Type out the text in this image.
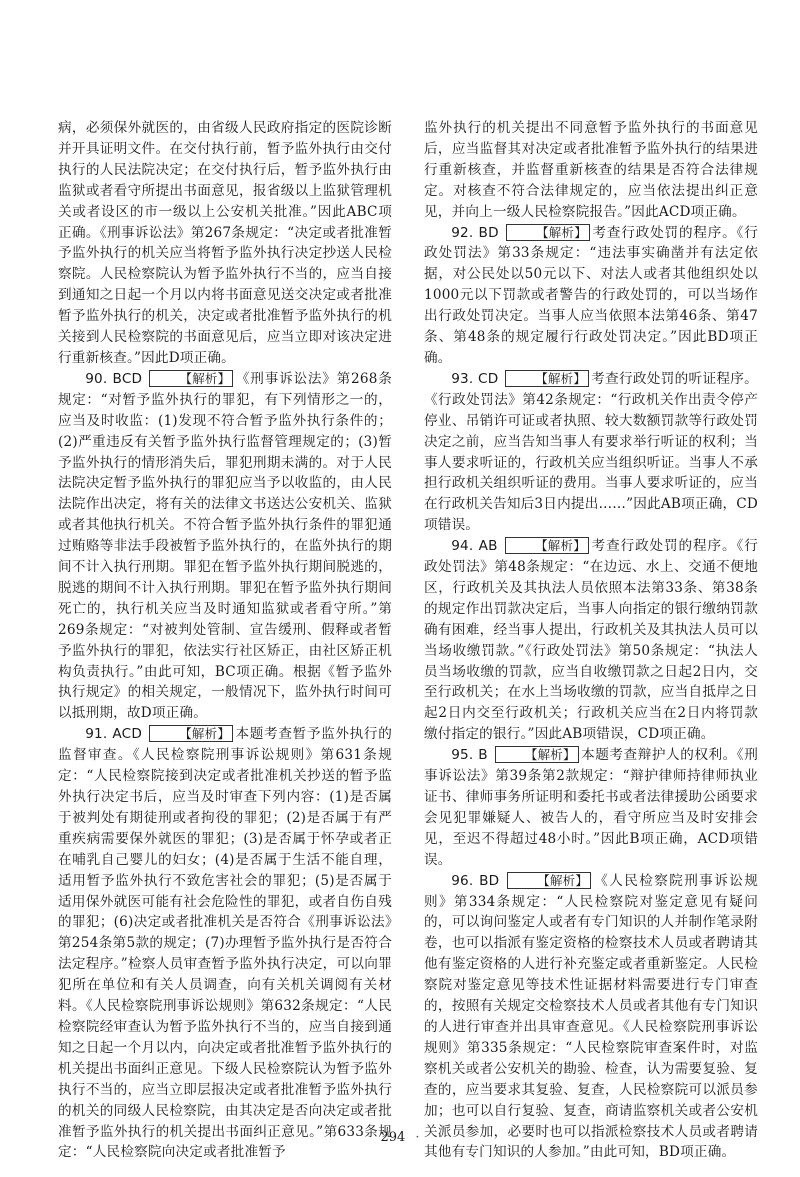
病，必须保外就医的，由省级人民政府指定的医院诊断并开具证明文件。在交付执行前，暂予监外执行由交付执行的人民法院决定；在交付执行后，暂予监外执行由监狱或者看守所提出书面意见，报省级以上监狱管理机关或者设区的市一级以上公安机关批准。”因此ABC项正确。《刑事诉讼法》第267条规定：“决定或者批准暂予监外执行的机关应当将暂予监外执行决定抄送人民检察院。人民检察院认为暂予监外执行不当的，应当自接到通知之日起一个月以内将书面意见送交决定或者批准暂予监外执行的机关，决定或者批准暂予监外执行的机关接到人民检察院的书面意见后，应当立即对该决定进行重新核查。”因此D项正确。

90. BCD	【 解析 】 《刑事诉讼法》第268条规定：“对暂予监外执行的罪犯，有下列情形之一的，应当及时收监：(1)发现不符合暂予监外执行条件的；(2)严重违反有关暂予监外执行监督管理规定的；(3)暂予监外执行的情形消失后，罪犯刑期未满的。对于人民法院决定暂予监外执行的罪犯应当予以收监的，由人民法院作出决定，将有关的法律文书送达公安机关、监狱或者其他执行机关。不符合暂予监外执行条件的罪犯通过贿赂等非法手段被暂予监外执行的，在监外执行的期间不计入执行刑期。罪犯在暂予监外执行期间脱逃的，脱逃的期间不计入执行刑期。罪犯在暂予监外执行期间死亡的，执行机关应当及时通知监狱或者看守所。”第269条规定：“对被判处管制、宣告缓刑、假释或者暂予监外执行的罪犯，依法实行社区矫正，由社区矫正机构负责执行。”由此可知，BC项正确。根据《暂予监外执行规定》的相关规定，一般情况下，监外执行时间可以抵刑期，故D项正确。

91. ACD	【 解析 】 本题考查暂予监外执行的监督审查。《人民检察院刑事诉讼规则》第631条规定：“人民检察院接到决定或者批准机关抄送的暂予监外执行决定书后，应当及时审查下列内容：(1)是否属于被判处有期徒刑或者拘役的罪犯；(2)是否属于有严重疾病需要保外就医的罪犯；(3)是否属于怀孕或者正在哺乳自己婴儿的妇女；(4)是否属于生活不能自理，适用暂予监外执行不致危害社会的罪犯；(5)是否属于适用保外就医可能有社会危险性的罪犯，或者自伤自残的罪犯；(6)决定或者批准机关是否符合《刑事诉讼法》第254条第5款的规定；(7)办理暂予监外执行是否符合法定程序。”检察人员审查暂予监外执行决定，可以向罪犯所在单位和有关人员调查，向有关机关调阅有关材料。《人民检察院刑事诉讼规则》第632条规定：“人民检察院经审查认为暂予监外执行不当的，应当自接到通知之日起一个月以内，向决定或者批准暂予监外执行的机关提出书面纠正意见。下级人民检察院认为暂予监外执行不当的，应当立即层报决定或者批准暂予监外执行的机关的同级人民检察院，由其决定是否向决定或者批准暂予监外执行的机关提出书面纠正意见。”第633条规定：“人民检察院向决定或者批准暂予

监外执行的机关提出不同意暂予监外执行的书面意见后，应当监督其对决定或者批准暂予监外执行的结果进行重新核查，并监督重新核查的结果是否符合法律规定。对核查不符合法律规定的，应当依法提出纠正意见，并向上一级人民检察院报告。”因此ACD项正确。

92. BD	【 解析 】 考查行政处罚的程序。《行政处罚法》第33条规定：“违法事实确凿并有法定依据，对公民处以50元以下、对法人或者其他组织处以1000元以下罚款或者警告的行政处罚的，可以当场作出行政处罚决定。当事人应当依照本法第46条、第47条、第48条的规定履行行政处罚决定。”因此BD项正确。

93. CD	【 解析 】 考查行政处罚的听证程序。《行政处罚法》第42条规定：“行政机关作出责令停产停业、吊销许可证或者执照、较大数额罚款等行政处罚决定之前，应当告知当事人有要求举行听证的权利；当事人要求听证的，行政机关应当组织听证。当事人不承担行政机关组织听证的费用。当事人要求听证的，应当在行政机关告知后3日内提出……”因此AB项正确，CD项错误。

94. AB	【 解析 】 考查行政处罚的程序。《行政处罚法》第48条规定：“在边远、水上、交通不便地区，行政机关及其执法人员依照本法第33条、第38条的规定作出罚款决定后，当事人向指定的银行缴纳罚款确有困难，经当事人提出，行政机关及其执法人员可以当场收缴罚款。”《行政处罚法》第50条规定：“执法人员当场收缴的罚款，应当自收缴罚款之日起2日内，交至行政机关；在水上当场收缴的罚款，应当自抵岸之日起2日内交至行政机关；行政机关应当在2日内将罚款缴付指定的银行。”因此AB项错误，CD项正确。

95. B	【 解析 】 本题考查辩护人的权利。《刑事诉讼法》第39条第2款规定：“辩护律师持律师执业证书、律师事务所证明和委托书或者法律援助公函要求会见犯罪嫌疑人、被告人的，看守所应当及时安排会见，至迟不得超过48小时。”因此B项正确，ACD项错误。

96. BD	【 解析 】 《人民检察院刑事诉讼规则》第334条规定：“人民检察院对鉴定意见有疑问的，可以询问鉴定人或者有专门知识的人并制作笔录附卷，也可以指派有鉴定资格的检察技术人员或者聘请其他有鉴定资格的人进行补充鉴定或者重新鉴定。人民检察院对鉴定意见等技术性证据材料需要进行专门审查的，按照有关规定交检察技术人员或者其他有专门知识的人进行审查并出具审查意见。《人民检察院刑事诉讼规则》第335条规定：“人民检察院审查案件时，对监察机关或者公安机关的勘验、检查，认为需要复验、复查的，应当要求其复验、复查，人民检察院可以派员参加；也可以自行复验、复查，商请监察机关或者公安机关派员参加，必要时也可以指派检察技术人员或者聘请其他有专门知识的人参加。”由此可知，BD项正确。

294 ·
